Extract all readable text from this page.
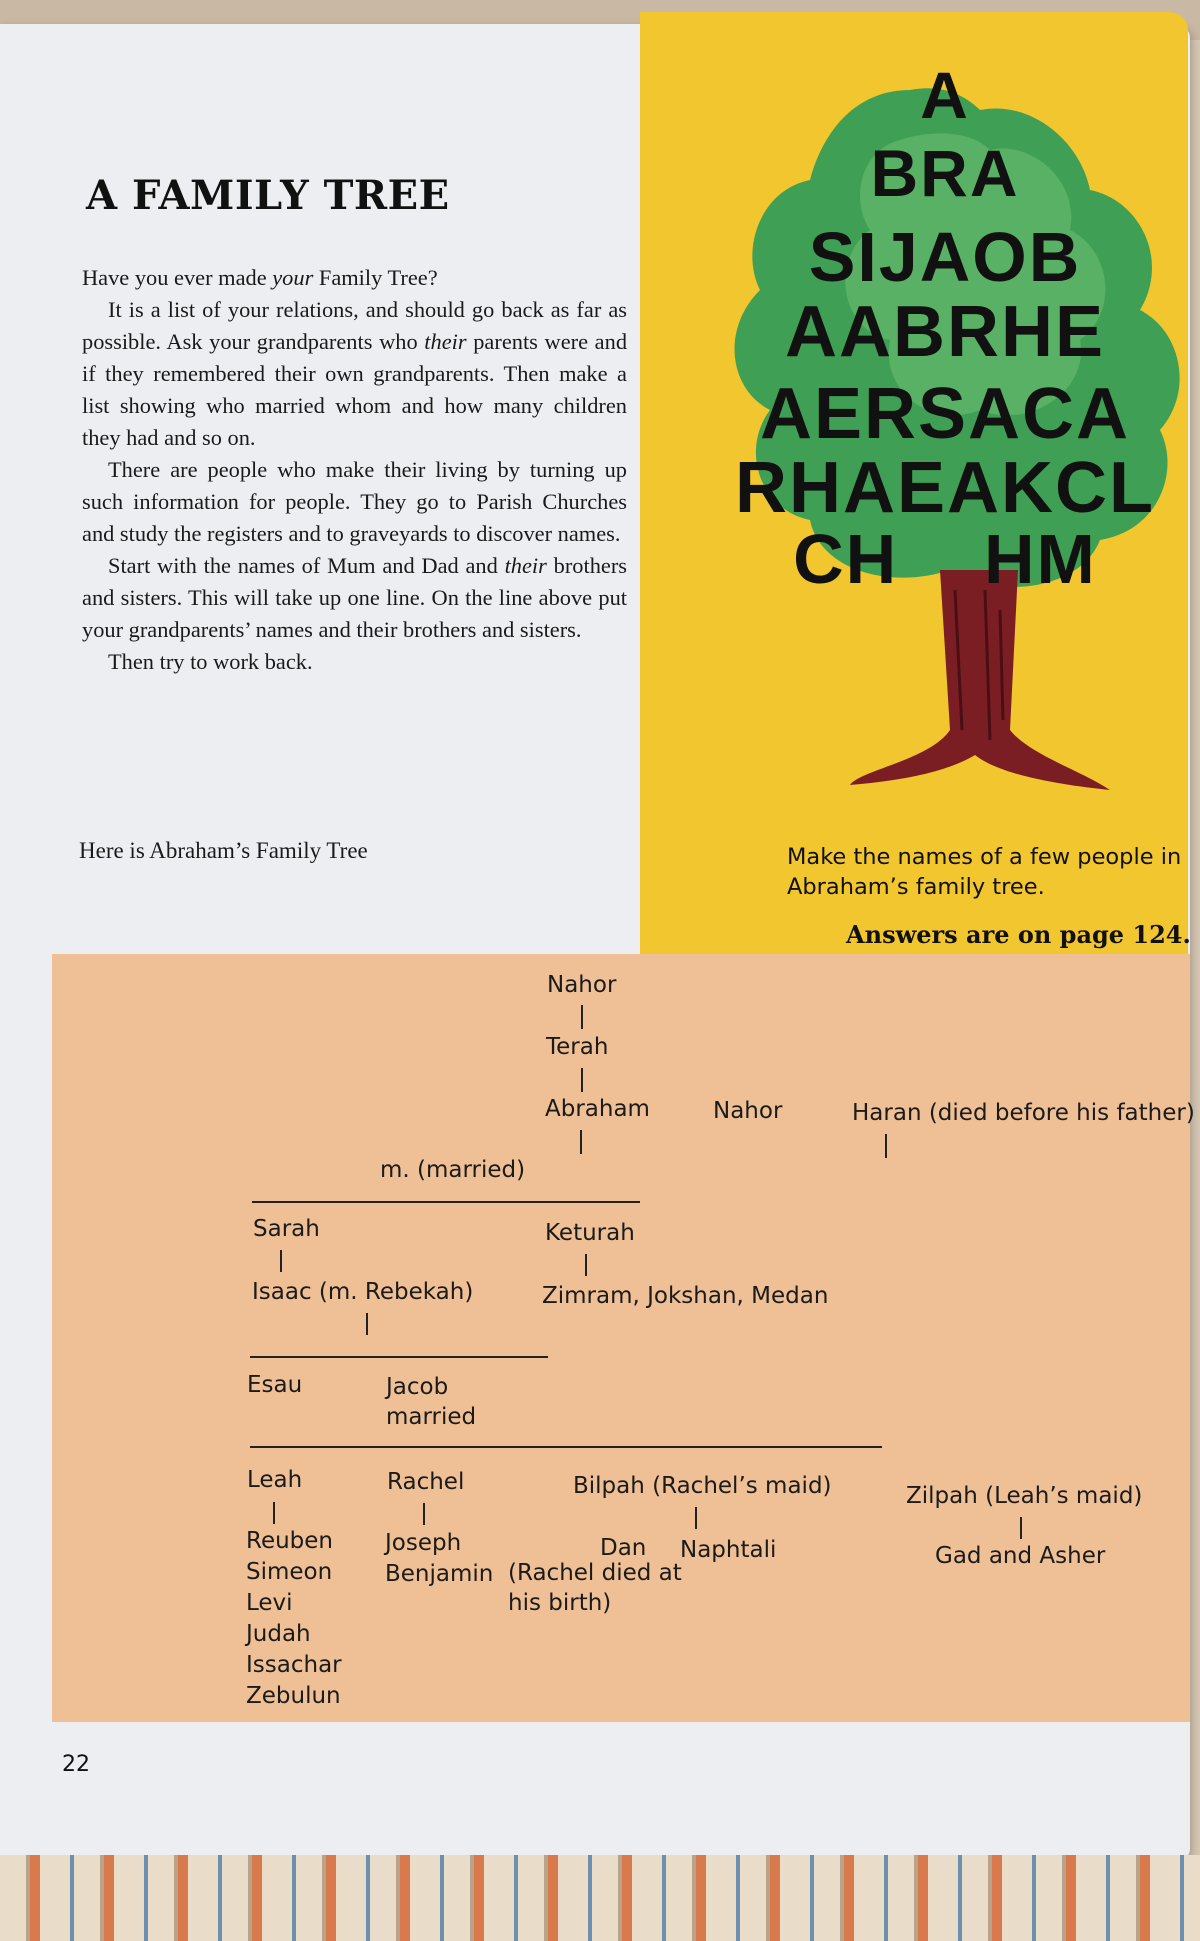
A FAMILY TREE

Have you ever made your Family Tree?

It is a list of your relations, and should go back as far as possible. Ask your grandparents who their parents were and if they remembered their own grandparents. Then make a list showing who married whom and how many children they had and so on.

There are people who make their living by turning up such information for people. They go to Parish Churches and study the registers and to graveyards to discover names.

Start with the names of Mum and Dad and their brothers and sisters. This will take up one line. On the line above put your grandparents’ names and their brothers and sisters.

Then try to work back.

Here is Abraham’s Family Tree
A
BRA
SIJAOB
AABRHE
AERSACA
RHAEAKCL
CH    HM
Make the names of a few people in
Abraham’s family tree.
Answers are on page 124.
Nahor
Terah
Abraham	Nahor	Haran (died before his father)
m. (married)
Sarah	Keturah
Isaac (m. Rebekah)	Zimram, Jokshan, Medan
Esau	Jacob
married
Leah	Rachel	Bilpah (Rachel’s maid)	Zilpah (Leah’s maid)
Reuben
Simeon
Levi
Judah
Issachar
Zebulun
Joseph
Benjamin (Rachel died at
his birth)
Dan Naphtali	Gad and Asher
22
